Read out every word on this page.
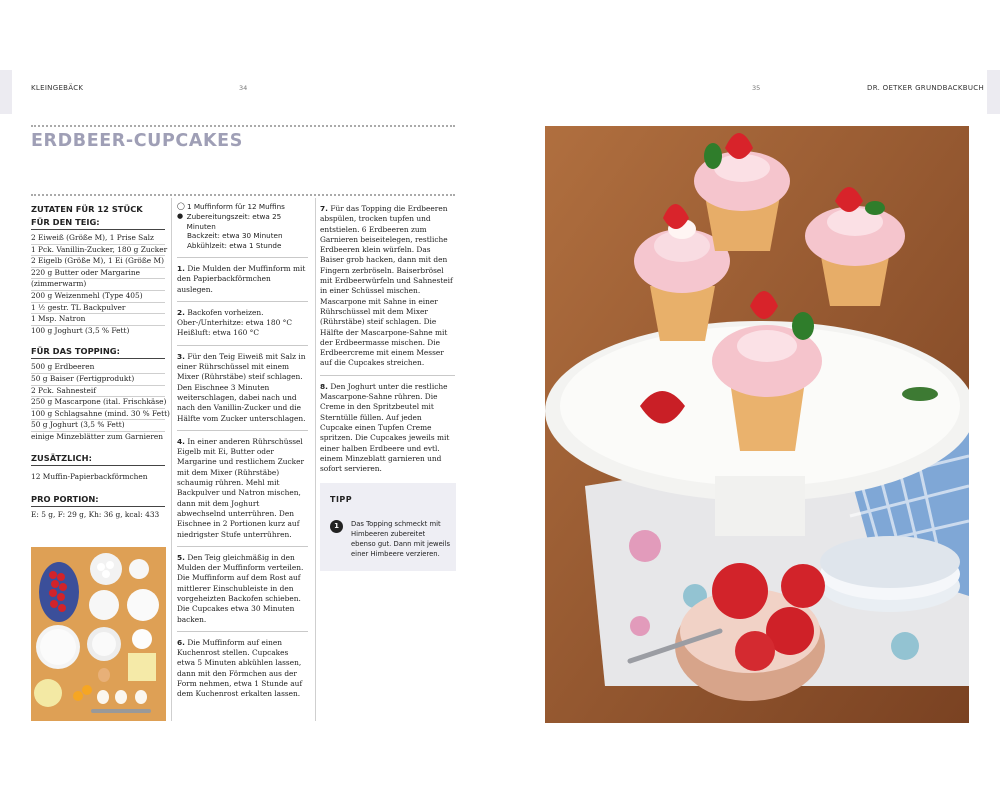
KLEINGEBÄCK	34	35	DR. OETKER GRUNDBACKBUCH
ERDBEER-CUPCAKES
ZUTATEN FÜR 12 STÜCK
FÜR DEN TEIG:
2 Eiweiß (Größe M), 1 Prise Salz
1 Pck. Vanillin-Zucker, 180 g Zucker
2 Eigelb (Größe M), 1 Ei (Größe M)
220 g Butter oder Margarine
(zimmerwarm)
200 g Weizenmehl (Type 405)
1 ½ gestr. TL Backpulver
1 Msp. Natron
100 g Joghurt (3,5 % Fett)
FÜR DAS TOPPING:
500 g Erdbeeren
50 g Baiser (Fertigprodukt)
2 Pck. Sahnesteif
250 g Mascarpone (ital. Frischkäse)
100 g Schlagsahne (mind. 30 % Fett)
50 g Joghurt (3,5 % Fett)
einige Minzeblätter zum Garnieren
ZUSÄTZLICH:
12 Muffin-Papierbackförmchen
PRO PORTION:
E: 5 g, F: 29 g, Kh: 36 g, kcal: 433
◯ 1 Muffinform für 12 Muffins
● Zubereitungszeit: etwa 25 Minuten
Backzeit: etwa 30 Minuten
Abkühlzeit: etwa 1 Stunde
1. Die Mulden der Muffinform mit den Papierbackförmchen auslegen.
2. Backofen vorheizen. Ober-/Unterhitze: etwa 180 °C Heißluft: etwa 160 °C
3. Für den Teig Eiweiß mit Salz in einer Rührschüssel mit einem Mixer (Rührstäbe) steif schlagen. Den Eischnee 3 Minuten weiterschlagen, dabei nach und nach den Vanillin-Zucker und die Hälfte vom Zucker unterschlagen.
4. In einer anderen Rührschüssel Eigelb mit Ei, Butter oder Margarine und restlichem Zucker mit dem Mixer (Rührstäbe) schaumig rühren. Mehl mit Backpulver und Natron mischen, dann mit dem Joghurt abwechselnd unterrühren. Den Eischnee in 2 Portionen kurz auf niedrigster Stufe unterrühren.
5. Den Teig gleichmäßig in den Mulden der Muffinform verteilen. Die Muffinform auf dem Rost auf mittlerer Einschubleiste in den vorgeheizten Backofen schieben. Die Cupcakes etwa 30 Minuten backen.
6. Die Muffinform auf einen Kuchenrost stellen. Cupcakes etwa 5 Minuten abkühlen lassen, dann mit den Förmchen aus der Form nehmen, etwa 1 Stunde auf dem Kuchenrost erkalten lassen.
7. Für das Topping die Erdbeeren abspülen, trocken tupfen und entstielen. 6 Erdbeeren zum Garnieren beiseitelegen, restliche Erdbeeren klein würfeln. Das Baiser grob hacken, dann mit den Fingern zerbröseln. Baiserbrösel mit Erdbeerwürfeln und Sahnesteif in einer Schüssel mischen. Mascarpone mit Sahne in einer Rührschüssel mit dem Mixer (Rührstäbe) steif schlagen. Die Hälfte der Mascarpone-Sahne mit der Erdbeermasse mischen. Die Erdbeercreme mit einem Messer auf die Cupcakes streichen.
8. Den Joghurt unter die restliche Mascarpone-Sahne rühren. Die Creme in den Spritzbeutel mit Sterntülle füllen. Auf jeden Cupcake einen Tupfen Creme spritzen. Die Cupcakes jeweils mit einer halben Erdbeere und evtl. einem Minzeblatt garnieren und sofort servieren.
TIPP
1	Das Topping schmeckt mit Himbeeren zubereitet ebenso gut. Dann mit jeweils einer Himbeere verzieren.
